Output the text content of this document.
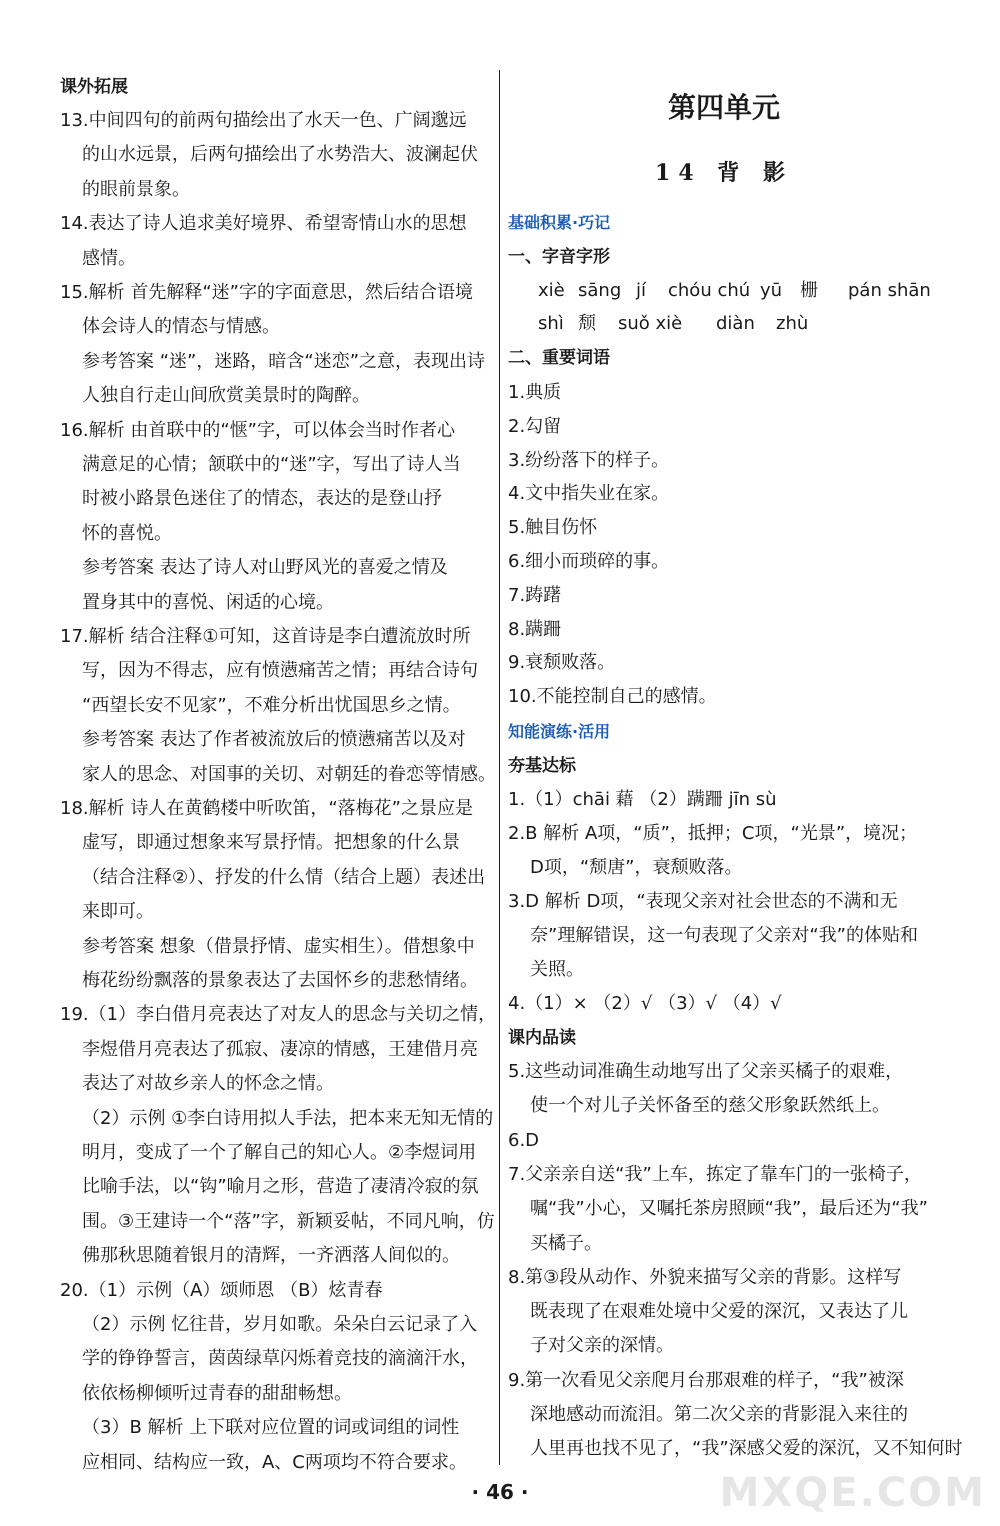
课外拓展
13.中间四句的前两句描绘出了水天一色、广阔邈远
的山水远景，后两句描绘出了水势浩大、波澜起伏
的眼前景象。
14.表达了诗人追求美好境界、希望寄情山水的思想
感情。
15.解析 首先解释“迷”字的字面意思，然后结合语境
体会诗人的情态与情感。
参考答案 “迷”，迷路，暗含“迷恋”之意，表现出诗
人独自行走山间欣赏美景时的陶醉。
16.解析 由首联中的“惬”字，可以体会当时作者心
满意足的心情；颔联中的“迷”字，写出了诗人当
时被小路景色迷住了的情态，表达的是登山抒
怀的喜悦。
参考答案 表达了诗人对山野风光的喜爱之情及
置身其中的喜悦、闲适的心境。
17.解析 结合注释①可知，这首诗是李白遭流放时所
写，因为不得志，应有愤懑痛苦之情；再结合诗句
“西望长安不见家”，不难分析出忧国思乡之情。
参考答案 表达了作者被流放后的愤懑痛苦以及对
家人的思念、对国事的关切、对朝廷的眷恋等情感。
18.解析 诗人在黄鹤楼中听吹笛，“落梅花”之景应是
虚写，即通过想象来写景抒情。把想象的什么景
（结合注释②）、抒发的什么情（结合上题）表述出
来即可。
参考答案 想象（借景抒情、虚实相生）。借想象中
梅花纷纷飘落的景象表达了去国怀乡的悲愁情绪。
19.（1）李白借月亮表达了对友人的思念与关切之情，
李煜借月亮表达了孤寂、凄凉的情感，王建借月亮
表达了对故乡亲人的怀念之情。
（2）示例 ①李白诗用拟人手法，把本来无知无情的
明月，变成了一个了解自己的知心人。②李煜词用
比喻手法，以“钩”喻月之形，营造了凄清冷寂的氛
围。③王建诗一个“落”字，新颖妥帖，不同凡响，仿
佛那秋思随着银月的清辉，一齐洒落人间似的。
20.（1）示例（A）颂师恩 （B）炫青春
（2）示例 忆往昔，岁月如歌。朵朵白云记录了入
学的铮铮誓言，茵茵绿草闪烁着竞技的滴滴汗水，
依依杨柳倾听过青春的甜甜畅想。
（3）B 解析 上下联对应位置的词或词组的词性
应相同、结构应一致，A、C两项均不符合要求。
第四单元
14 背 影
基础积累·巧记
一、字音字形
xiè sāng jí chóu chú yū 栅 pán shān
shì 颓 suǒ xiè diàn zhù
二、重要词语
1.典质
2.勾留
3.纷纷落下的样子。
4.文中指失业在家。
5.触目伤怀
6.细小而琐碎的事。
7.踌躇
8.蹒跚
9.衰颓败落。
10.不能控制自己的感情。
知能演练·活用
夯基达标
1.（1）chāi 藉 （2）蹒跚 jīn sù
2.B 解析 A项，“质”，抵押；C项，“光景”，境况；
D项，“颓唐”，衰颓败落。
3.D 解析 D项，“表现父亲对社会世态的不满和无
奈”理解错误，这一句表现了父亲对“我”的体贴和
关照。
4.（1）× （2）√ （3）√ （4）√
课内品读
5.这些动词准确生动地写出了父亲买橘子的艰难，
使一个对儿子关怀备至的慈父形象跃然纸上。
6.D
7.父亲亲自送“我”上车，拣定了靠车门的一张椅子，
嘱“我”小心，又嘱托茶房照顾“我”，最后还为“我”
买橘子。
8.第③段从动作、外貌来描写父亲的背影。这样写
既表现了在艰难处境中父爱的深沉，又表达了儿
子对父亲的深情。
9.第一次看见父亲爬月台那艰难的样子，“我”被深
深地感动而流泪。第二次父亲的背影混入来往的
人里再也找不见了，“我”深感父爱的深沉，又不知何时
· 46 ·	MXQE.COM
